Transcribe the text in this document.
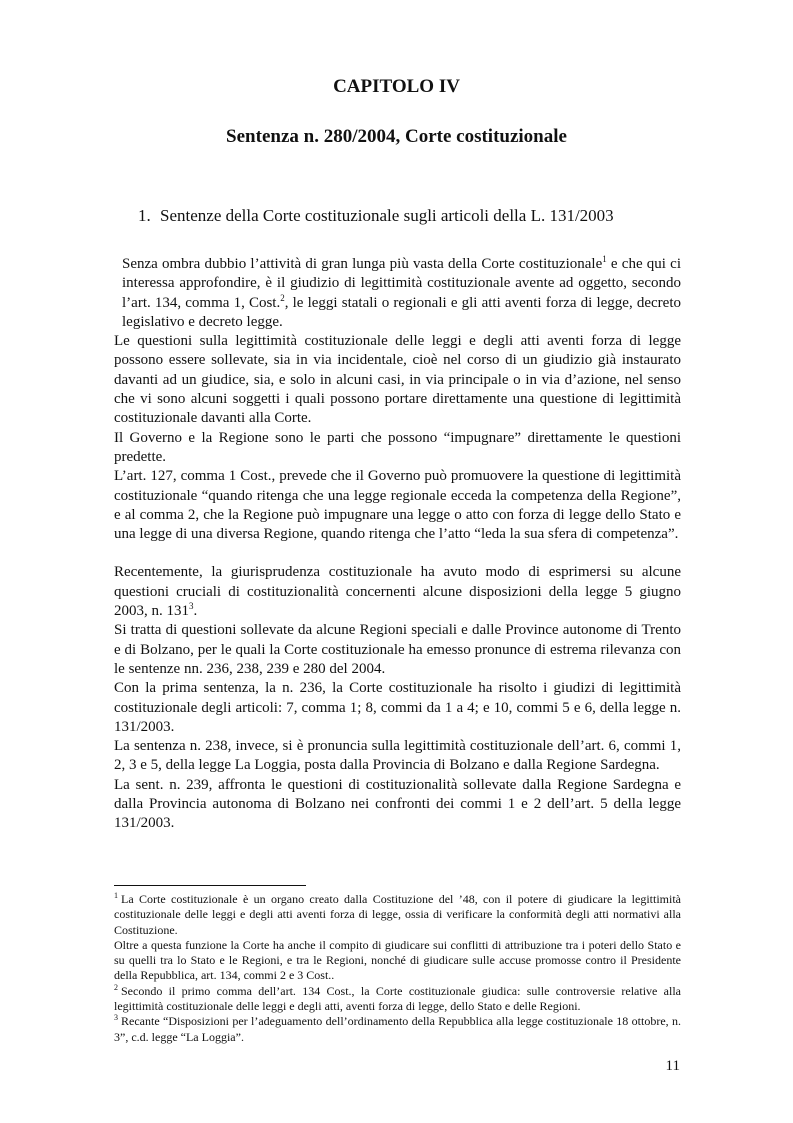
CAPITOLO IV
Sentenza n. 280/2004, Corte costituzionale
1. Sentenze della Corte costituzionale sugli articoli della L. 131/2003

Senza ombra dubbio l’attività di gran lunga più vasta della Corte costituzionale$^1$ e che qui ci interessa approfondire, è il giudizio di legittimità costituzionale avente ad oggetto, secondo l’art. 134, comma 1, Cost.$^2$, le leggi statali o regionali e gli atti aventi forza di legge, decreto legislativo e decreto legge.

Le questioni sulla legittimità costituzionale delle leggi e degli atti aventi forza di legge possono essere sollevate, sia in via incidentale, cioè nel corso di un giudizio già instaurato davanti ad un giudice, sia, e solo in alcuni casi, in via principale o in via d’azione, nel senso che vi sono alcuni soggetti i quali possono portare direttamente una questione di legittimità costituzionale davanti alla Corte.

Il Governo e la Regione sono le parti che possono “impugnare” direttamente le questioni predette.

L’art. 127, comma 1 Cost., prevede che il Governo può promuovere la questione di legittimità costituzionale “quando ritenga che una legge regionale ecceda la competenza della Regione”, e al comma 2, che la Regione può impugnare una legge o atto con forza di legge dello Stato e una legge di una diversa Regione, quando ritenga che l’atto “leda la sua sfera di competenza”.

Recentemente, la giurisprudenza costituzionale ha avuto modo di esprimersi su alcune questioni cruciali di costituzionalità concernenti alcune disposizioni della legge 5 giugno 2003, n. $131^3$.

Si tratta di questioni sollevate da alcune Regioni speciali e dalle Province autonome di Trento e di Bolzano, per le quali la Corte costituzionale ha emesso pronunce di estrema rilevanza con le sentenze nn. 236, 238, 239 e 280 del 2004.

Con la prima sentenza, la n. 236, la Corte costituzionale ha risolto i giudizi di legittimità costituzionale degli articoli: 7, comma 1; 8, commi da 1 a 4; e 10, commi 5 e 6, della legge n. 131/2003.

La sentenza n. 238, invece, si è pronuncia sulla legittimità costituzionale dell’art. 6, commi 1, 2, 3 e 5, della legge La Loggia, posta dalla Provincia di Bolzano e dalla Regione Sardegna.

La sent. n. 239, affronta le questioni di costituzionalità sollevate dalla Regione Sardegna e dalla Provincia autonoma di Bolzano nei confronti dei commi 1 e 2 dell’art. 5 della legge 131/2003.

$^1$ La Corte costituzionale è un organo creato dalla Costituzione del ’48, con il potere di giudicare la legittimità costituzionale delle leggi e degli atti aventi forza di legge, ossia di verificare la conformità degli atti normativi alla Costituzione.

Oltre a questa funzione la Corte ha anche il compito di giudicare sui conflitti di attribuzione tra i poteri dello Stato e su quelli tra lo Stato e le Regioni, e tra le Regioni, nonché di giudicare sulle accuse promosse contro il Presidente della Repubblica, art. 134, commi 2 e 3 Cost..

$^2$ Secondo il primo comma dell’art. 134 Cost., la Corte costituzionale giudica: sulle controversie relative alla legittimità costituzionale delle leggi e degli atti, aventi forza di legge, dello Stato e delle Regioni.

$^3$ Recante “Disposizioni per l’adeguamento dell’ordinamento della Repubblica alla legge costituzionale 18 ottobre, n. 3”, c.d. legge “La Loggia”.

11
